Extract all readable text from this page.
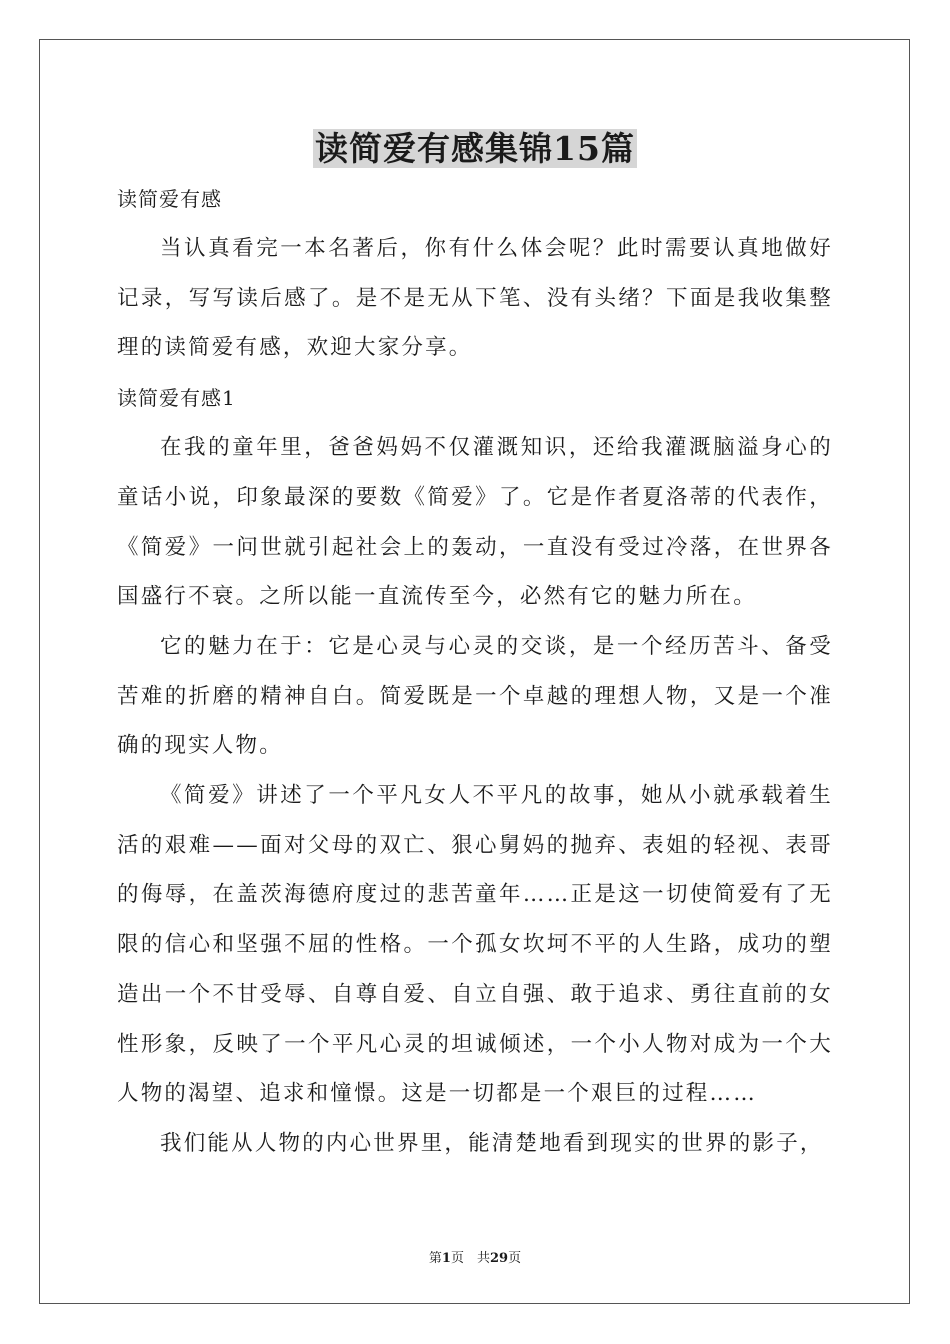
读简爱有感集锦15篇

读简爱有感

当认真看完一本名著后，你有什么体会呢？此时需要认真地做好记录，写写读后感了。是不是无从下笔、没有头绪？下面是我收集整理的读简爱有感，欢迎大家分享。

读简爱有感1

在我的童年里，爸爸妈妈不仅灌溉知识，还给我灌溉脑溢身心的童话小说，印象最深的要数《简爱》了。它是作者夏洛蒂的代表作，《简爱》一问世就引起社会上的轰动，一直没有受过冷落，在世界各国盛行不衰。之所以能一直流传至今，必然有它的魅力所在。

它的魅力在于：它是心灵与心灵的交谈，是一个经历苦斗、备受苦难的折磨的精神自白。简爱既是一个卓越的理想人物，又是一个准确的现实人物。

《简爱》讲述了一个平凡女人不平凡的故事，她从小就承载着生活的艰难——面对父母的双亡、狠心舅妈的抛弃、表姐的轻视、表哥的侮辱，在盖茨海德府度过的悲苦童年……正是这一切使简爱有了无限的信心和坚强不屈的性格。一个孤女坎坷不平的人生路，成功的塑造出一个不甘受辱、自尊自爱、自立自强、敢于追求、勇往直前的女性形象，反映了一个平凡心灵的坦诚倾述，一个小人物对成为一个大人物的渴望、追求和憧憬。这是一切都是一个艰巨的过程……

我们能从人物的内心世界里，能清楚地看到现实的世界的影子，

第1页　共29页
